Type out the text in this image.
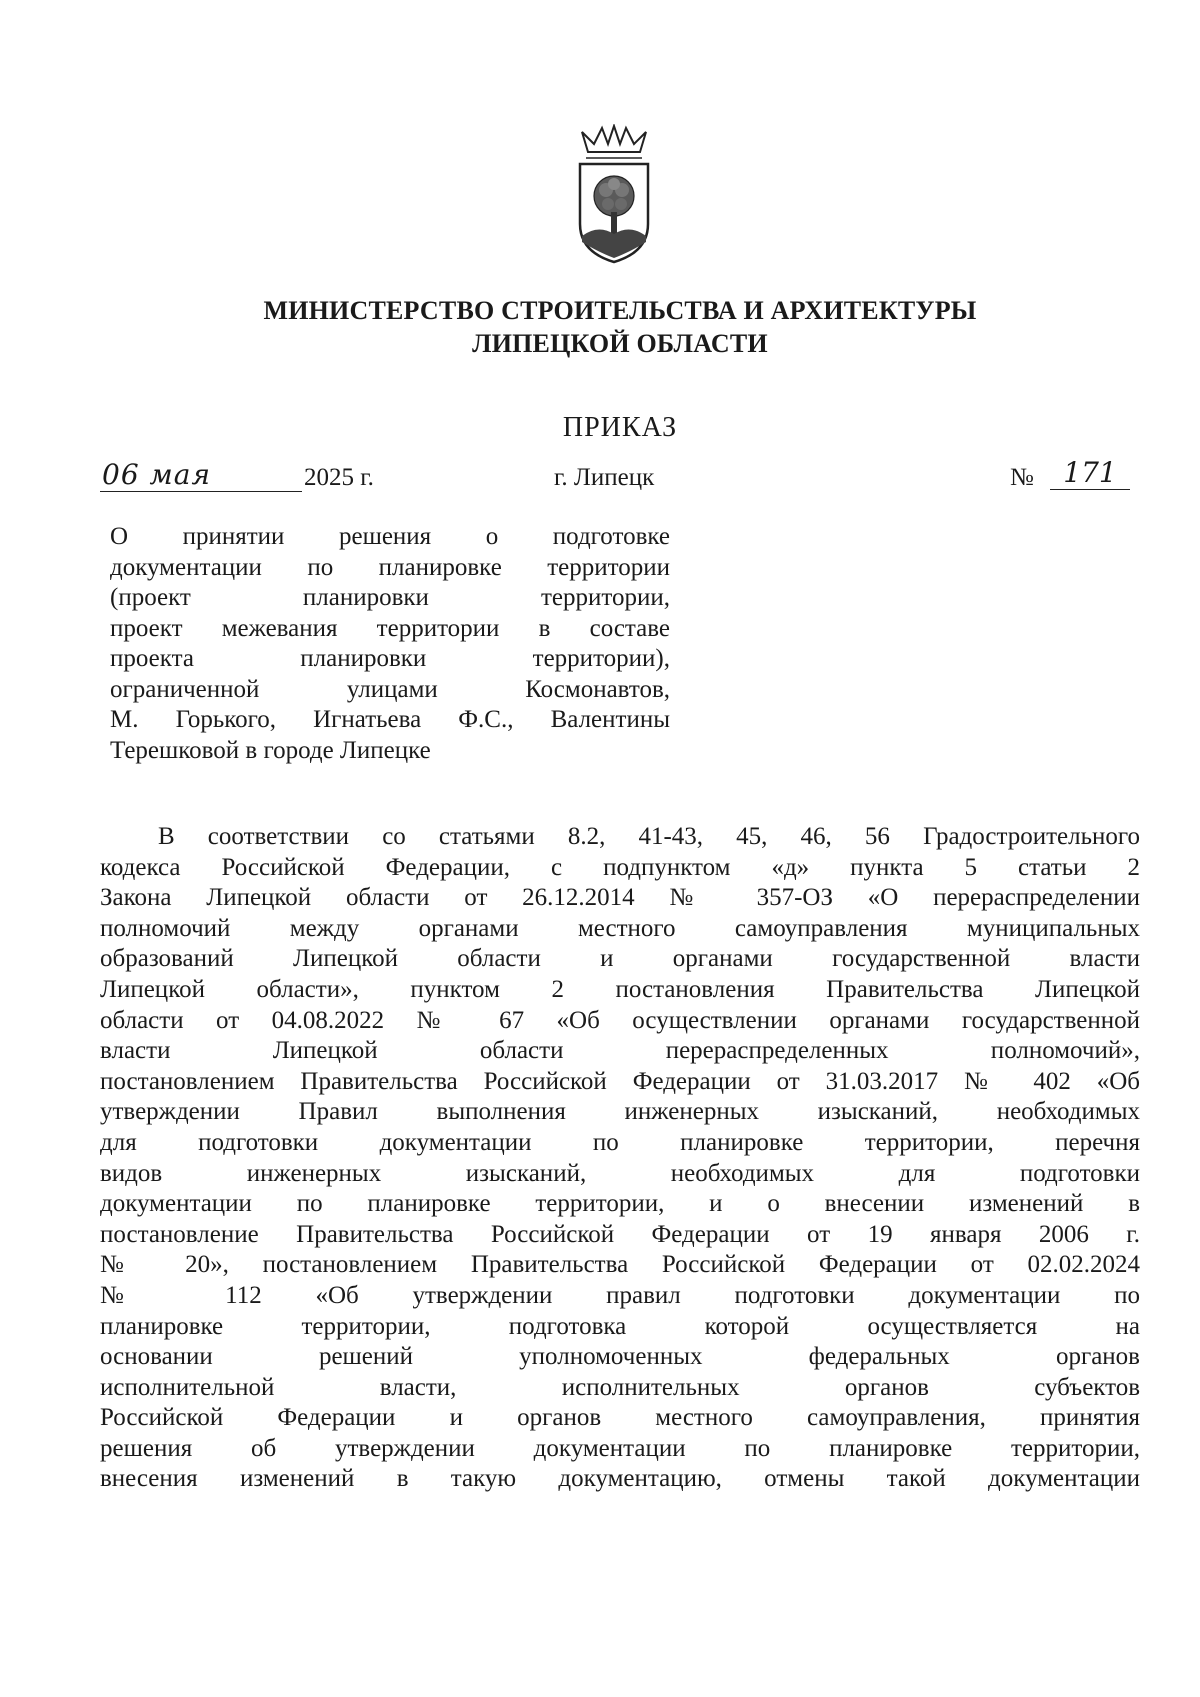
МИНИСТЕРСТВО СТРОИТЕЛЬСТВА И АРХИТЕКТУРЫ
ЛИПЕЦКОЙ ОБЛАСТИ
ПРИКАЗ
06 мая	2025 г.	г. Липецк	№	171
О принятии решения о подготовке
документации по планировке территории
(проект планировки территории,
проект межевания территории в составе
проекта планировки территории),
ограниченной улицами Космонавтов,
М. Горького, Игнатьева Ф.С., Валентины
Терешковой в городе Липецке
В соответствии со статьями 8.2, 41-43, 45, 46, 56 Градостроительного
кодекса Российской Федерации, с подпунктом «д» пункта 5 статьи 2
Закона Липецкой области от 26.12.2014 № 357-ОЗ «О перераспределении
полномочий между органами местного самоуправления муниципальных
образований Липецкой области и органами государственной власти
Липецкой области», пунктом 2 постановления Правительства Липецкой
области от 04.08.2022 № 67 «Об осуществлении органами государственной
власти Липецкой области перераспределенных полномочий»,
постановлением Правительства Российской Федерации от 31.03.2017 № 402 «Об
утверждении Правил выполнения инженерных изысканий, необходимых
для подготовки документации по планировке территории, перечня
видов инженерных изысканий, необходимых для подготовки
документации по планировке территории, и о внесении изменений в
постановление Правительства Российской Федерации от 19 января 2006 г.
№ 20», постановлением Правительства Российской Федерации от 02.02.2024
№ 112 «Об утверждении правил подготовки документации по
планировке территории, подготовка которой осуществляется на
основании решений уполномоченных федеральных органов
исполнительной власти, исполнительных органов субъектов
Российской Федерации и органов местного самоуправления, принятия
решения об утверждении документации по планировке территории,
внесения изменений в такую документацию, отмены такой документации
